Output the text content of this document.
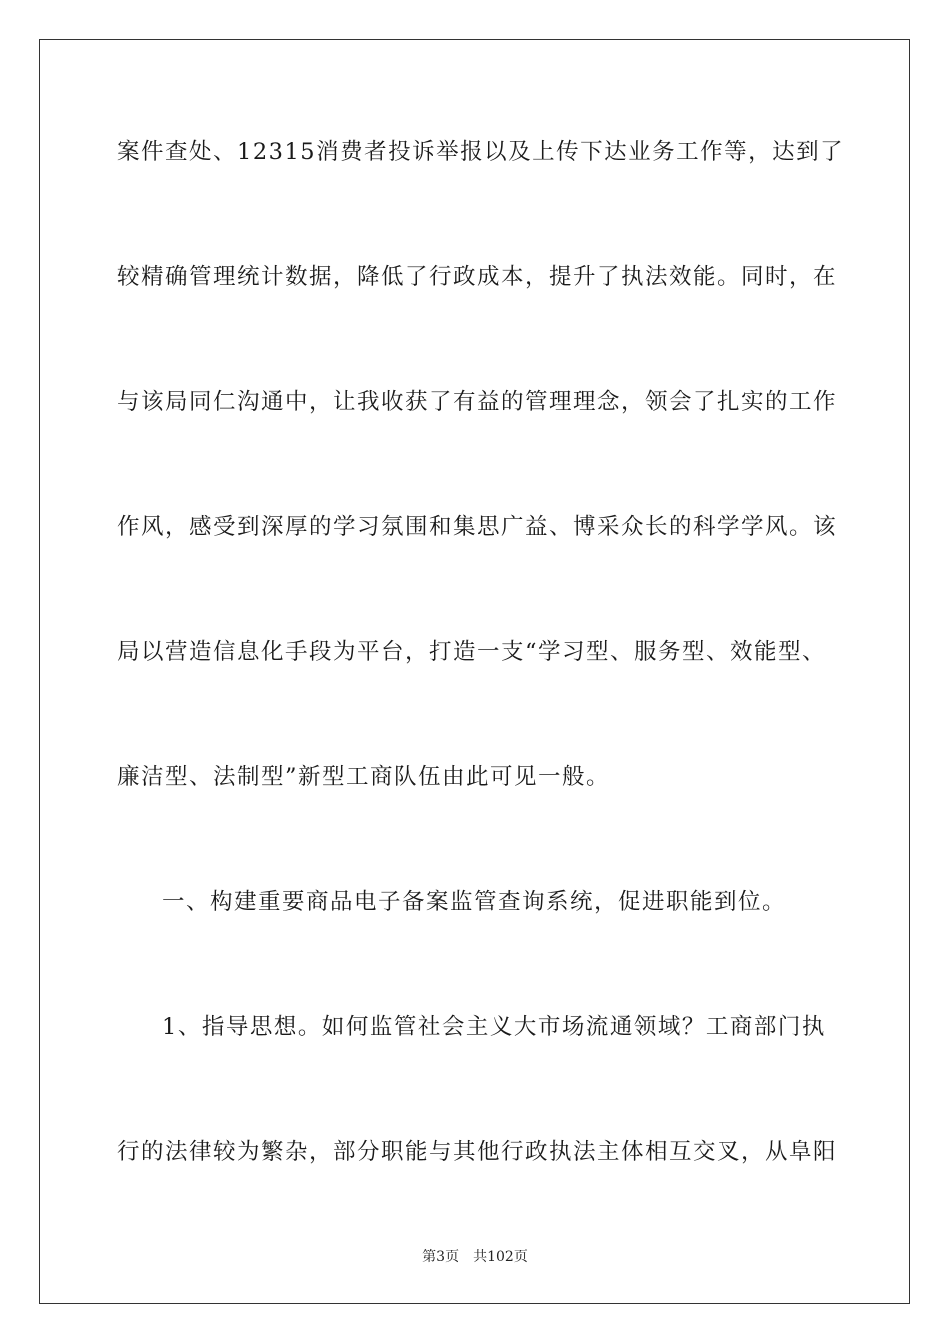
案件查处、12315消费者投诉举报以及上传下达业务工作等，达到了
较精确管理统计数据，降低了行政成本，提升了执法效能。同时，在
与该局同仁沟通中，让我收获了有益的管理理念，领会了扎实的工作
作风，感受到深厚的学习氛围和集思广益、博采众长的科学学风。该
局以营造信息化手段为平台，打造一支“学习型、服务型、效能型、
廉洁型、法制型”新型工商队伍由此可见一般。
一、构建重要商品电子备案监管查询系统，促进职能到位。
1、指导思想。如何监管社会主义大市场流通领域？工商部门执
行的法律较为繁杂，部分职能与其他行政执法主体相互交叉，从阜阳
第3页 共102页
